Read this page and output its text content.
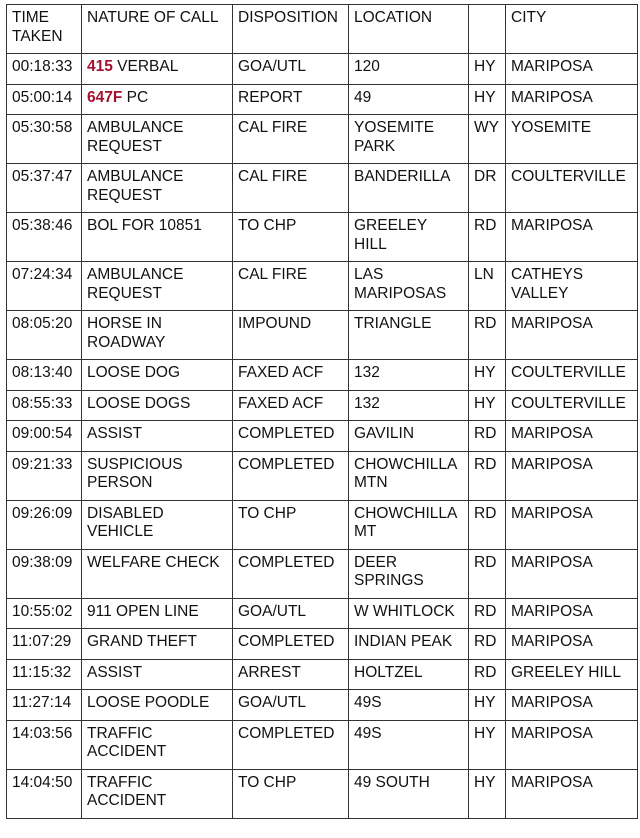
TIME TAKEN	NATURE OF CALL	DISPOSITION	LOCATION		CITY
00:18:33	415 VERBAL	GOA/UTL	120	HY	MARIPOSA
05:00:14	647F PC	REPORT	49	HY	MARIPOSA
05:30:58	AMBULANCE REQUEST	CAL FIRE	YOSEMITE PARK	WY	YOSEMITE
05:37:47	AMBULANCE REQUEST	CAL FIRE	BANDERILLA	DR	COULTERVILLE
05:38:46	BOL FOR 10851	TO CHP	GREELEY HILL	RD	MARIPOSA
07:24:34	AMBULANCE REQUEST	CAL FIRE	LAS MARIPOSAS	LN	CATHEYS VALLEY
08:05:20	HORSE IN ROADWAY	IMPOUND	TRIANGLE	RD	MARIPOSA
08:13:40	LOOSE DOG	FAXED ACF	132	HY	COULTERVILLE
08:55:33	LOOSE DOGS	FAXED ACF	132	HY	COULTERVILLE
09:00:54	ASSIST	COMPLETED	GAVILIN	RD	MARIPOSA
09:21:33	SUSPICIOUS PERSON	COMPLETED	CHOWCHILLA MTN	RD	MARIPOSA
09:26:09	DISABLED VEHICLE	TO CHP	CHOWCHILLA MT	RD	MARIPOSA
09:38:09	WELFARE CHECK	COMPLETED	DEER SPRINGS	RD	MARIPOSA
10:55:02	911 OPEN LINE	GOA/UTL	W WHITLOCK	RD	MARIPOSA
11:07:29	GRAND THEFT	COMPLETED	INDIAN PEAK	RD	MARIPOSA
11:15:32	ASSIST	ARREST	HOLTZEL	RD	GREELEY HILL
11:27:14	LOOSE POODLE	GOA/UTL	49S	HY	MARIPOSA
14:03:56	TRAFFIC ACCIDENT	COMPLETED	49S	HY	MARIPOSA
14:04:50	TRAFFIC ACCIDENT	TO CHP	49 SOUTH	HY	MARIPOSA
